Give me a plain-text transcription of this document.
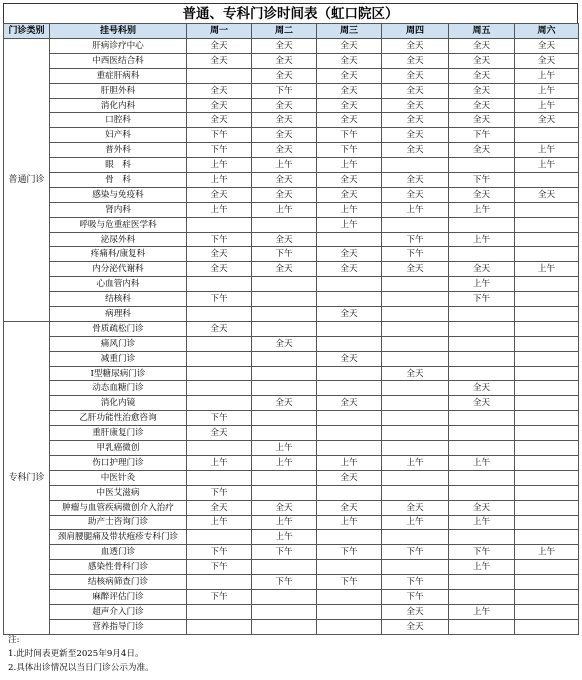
普通、专科门诊时间表（虹口院区）
门诊类别	挂号科别	周一	周二	周三	周四	周五	周六
普通门诊	肝病诊疗中心	全天	全天	全天	全天	全天	全天
	中西医结合科	全天	全天	全天	全天	全天	全天
	重症肝病科		全天	全天	全天	全天	上午
	肝胆外科	全天	下午	全天	全天	全天	上午
	消化内科	全天	全天	全天	全天	全天	上午
	口腔科	全天	全天	全天	全天	全天	全天
	妇产科	下午	全天	下午	全天	下午	
	普外科	下午	全天	下午	全天	全天	上午
	眼　科	上午	上午	上午			上午
	骨　科	上午	全天	全天	全天	下午	
	感染与免疫科	全天	全天	全天	全天	全天	全天
	肾内科	上午	上午	上午	上午	上午	
	呼吸与危重症医学科			上午			
	泌尿外科	下午	全天		下午	上午	
	疼痛科/康复科	全天	下午	全天	下午		
	内分泌代谢科	全天	全天	全天	全天	全天	上午
	心血管内科					上午	
	结核科	下午				下午	
	病理科			全天			
专科门诊	骨质疏松门诊	全天					
	痛风门诊		全天				
	减重门诊			全天			
	Ⅰ型糖尿病门诊				全天		
	动态血糖门诊					全天	
	消化内镜		全天	全天		全天	
	乙肝功能性治愈咨询	下午					
	重肝康复门诊	全天					
	甲乳癌微创		上午				
	伤口护理门诊	上午	上午	上午	上午	上午	
	中医针灸			全天			
	中医艾滋病	下午					
	肿瘤与血管疾病微创介入治疗	全天	全天	全天	全天	全天	
	助产士咨询门诊	上午	上午	上午	上午	上午	
	颈肩腰腿痛及带状疱疹专科门诊		上午				
	血透门诊	下午	下午	下午	下午	下午	上午
	感染性骨科门诊	下午				上午	
	结核病筛查门诊		下午	下午	下午		
	麻醉评估门诊	下午			下午		
	超声介入门诊				全天	上午	
	营养指导门诊				全天		
注:
1.此时间表更新至2025年9月4日。
2.具体出诊情况以当日门诊公示为准。
